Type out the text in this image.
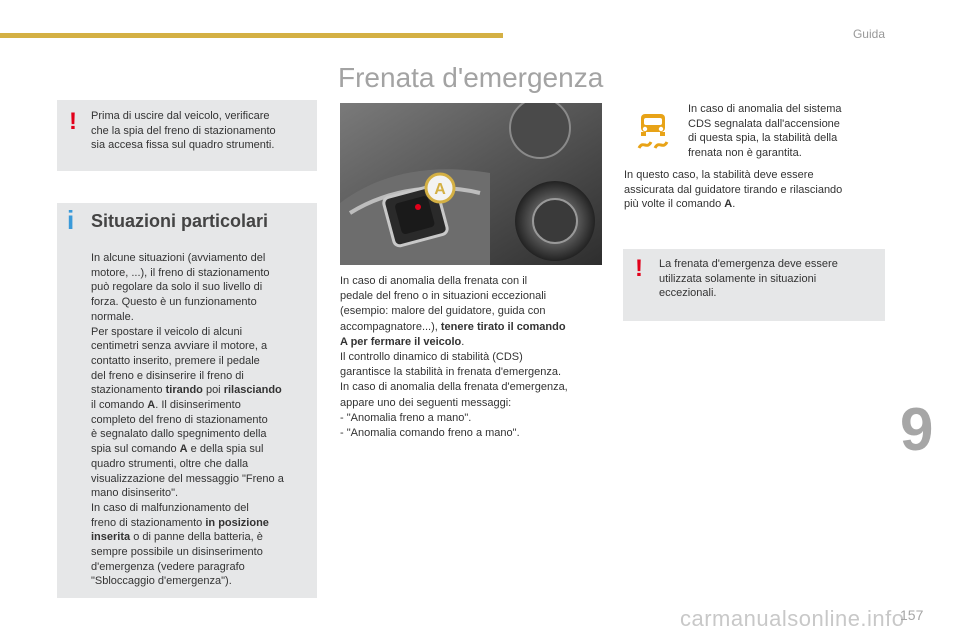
Guida
Frenata d'emergenza
! Prima di uscire dal veicolo, verificare
che la spia del freno di stazionamento
sia accesa fissa sul quadro strumenti.
i Situazioni particolari
In alcune situazioni (avviamento del
motore, ...), il freno di stazionamento
può regolare da solo il suo livello di
forza. Questo è un funzionamento
normale.
Per spostare il veicolo di alcuni
centimetri senza avviare il motore, a
contatto inserito, premere il pedale
del freno e disinserire il freno di
stazionamento tirando poi rilasciando
il comando A. Il disinserimento
completo del freno di stazionamento
è segnalato dallo spegnimento della
spia sul comando A e della spia sul
quadro strumenti, oltre che dalla
visualizzazione del messaggio "Freno a
mano disinserito".
In caso di malfunzionamento del
freno di stazionamento in posizione
inserita o di panne della batteria, è
sempre possibile un disinserimento
d'emergenza (vedere paragrafo
"Sbloccaggio d'emergenza").
A
In caso di anomalia della frenata con il
pedale del freno o in situazioni eccezionali
(esempio: malore del guidatore, guida con
accompagnatore...), tenere tirato il comando
A per fermare il veicolo.
Il controllo dinamico di stabilità (CDS)
garantisce la stabilità in frenata d'emergenza.
In caso di anomalia della frenata d'emergenza,
appare uno dei seguenti messaggi:
- "Anomalia freno a mano".
- "Anomalia comando freno a mano".
In caso di anomalia del sistema
CDS segnalata dall'accensione
di questa spia, la stabilità della
frenata non è garantita.
In questo caso, la stabilità deve essere
assicurata dal guidatore tirando e rilasciando
più volte il comando A.
! La frenata d'emergenza deve essere
utilizzata solamente in situazioni
eccezionali.
9
carmanualsonline.info
157
